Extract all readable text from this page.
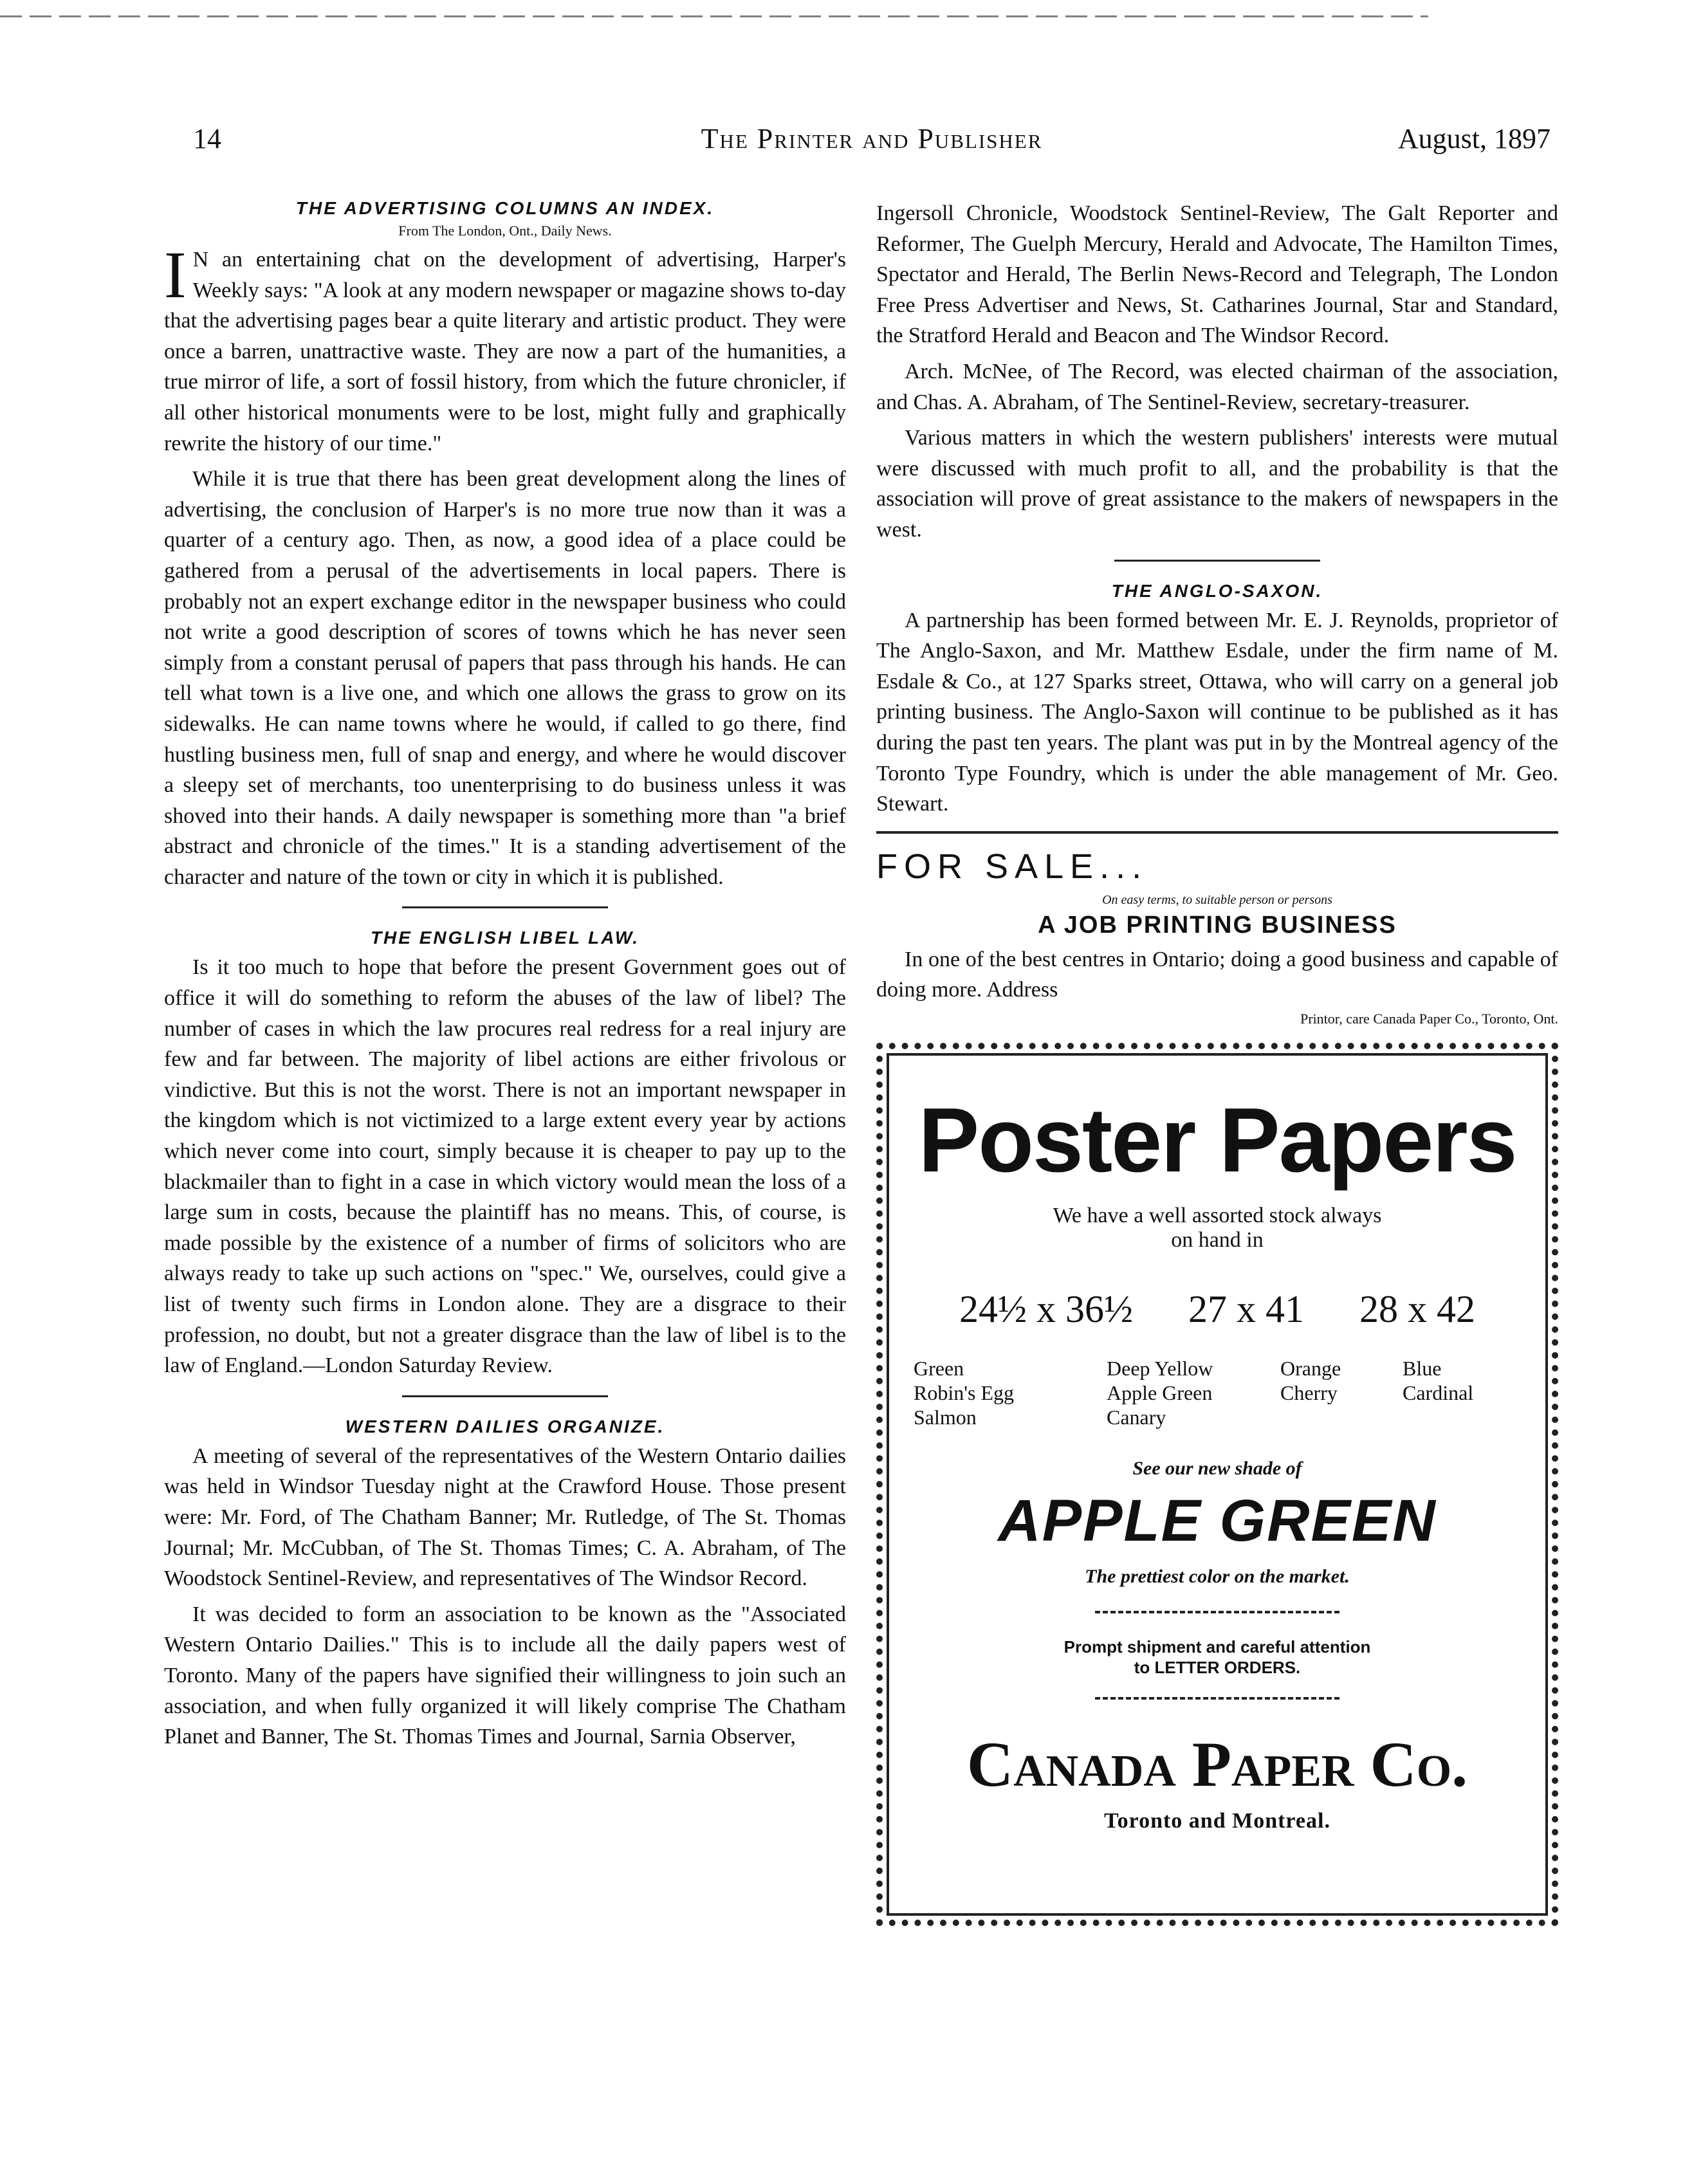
14	The Printer and Publisher	August, 1897
THE ADVERTISING COLUMNS AN INDEX.
From The London, Ont., Daily News.

I N an entertaining chat on the development of advertising, Harper's Weekly says: "A look at any modern newspaper or magazine shows to-day that the advertising pages bear a quite literary and artistic product. They were once a barren, unattractive waste. They are now a part of the humanities, a true mirror of life, a sort of fossil history, from which the future chronicler, if all other historical monuments were to be lost, might fully and graphically rewrite the history of our time."

While it is true that there has been great development along the lines of advertising, the conclusion of Harper's is no more true now than it was a quarter of a century ago. Then, as now, a good idea of a place could be gathered from a perusal of the advertisements in local papers. There is probably not an expert exchange editor in the newspaper business who could not write a good description of scores of towns which he has never seen simply from a constant perusal of papers that pass through his hands. He can tell what town is a live one, and which one allows the grass to grow on its sidewalks. He can name towns where he would, if called to go there, find hustling business men, full of snap and energy, and where he would discover a sleepy set of merchants, too unenterprising to do business unless it was shoved into their hands. A daily newspaper is something more than "a brief abstract and chronicle of the times." It is a standing advertisement of the character and nature of the town or city in which it is published.

THE ENGLISH LIBEL LAW.

Is it too much to hope that before the present Government goes out of office it will do something to reform the abuses of the law of libel? The number of cases in which the law procures real redress for a real injury are few and far between. The majority of libel actions are either frivolous or vindictive. But this is not the worst. There is not an important newspaper in the kingdom which is not victimized to a large extent every year by actions which never come into court, simply because it is cheaper to pay up to the blackmailer than to fight in a case in which victory would mean the loss of a large sum in costs, because the plaintiff has no means. This, of course, is made possible by the existence of a number of firms of solicitors who are always ready to take up such actions on "spec." We, ourselves, could give a list of twenty such firms in London alone. They are a disgrace to their profession, no doubt, but not a greater disgrace than the law of libel is to the law of England.—London Saturday Review.

WESTERN DAILIES ORGANIZE.

A meeting of several of the representatives of the Western Ontario dailies was held in Windsor Tuesday night at the Crawford House. Those present were: Mr. Ford, of The Chatham Banner; Mr. Rutledge, of The St. Thomas Journal; Mr. McCubban, of The St. Thomas Times; C. A. Abraham, of The Woodstock Sentinel-Review, and representatives of The Windsor Record.

It was decided to form an association to be known as the "Associated Western Ontario Dailies." This is to include all the daily papers west of Toronto. Many of the papers have signified their willingness to join such an association, and when fully organized it will likely comprise The Chatham Planet and Banner, The St. Thomas Times and Journal, Sarnia Observer,

Ingersoll Chronicle, Woodstock Sentinel-Review, The Galt Reporter and Reformer, The Guelph Mercury, Herald and Advocate, The Hamilton Times, Spectator and Herald, The Berlin News-Record and Telegraph, The London Free Press Advertiser and News, St. Catharines Journal, Star and Standard, the Stratford Herald and Beacon and The Windsor Record.

Arch. McNee, of The Record, was elected chairman of the association, and Chas. A. Abraham, of The Sentinel-Review, secretary-treasurer.

Various matters in which the western publishers' interests were mutual were discussed with much profit to all, and the probability is that the association will prove of great assistance to the makers of newspapers in the west.

THE ANGLO-SAXON.

A partnership has been formed between Mr. E. J. Reynolds, proprietor of The Anglo-Saxon, and Mr. Matthew Esdale, under the firm name of M. Esdale & Co., at 127 Sparks street, Ottawa, who will carry on a general job printing business. The Anglo-Saxon will continue to be published as it has during the past ten years. The plant was put in by the Montreal agency of the Toronto Type Foundry, which is under the able management of Mr. Geo. Stewart.

FOR SALE...
On easy terms, to suitable person or persons
A JOB PRINTING BUSINESS

In one of the best centres in Ontario; doing a good business and capable of doing more. Address

Printor, care Canada Paper Co., Toronto, Ont.
Poster Papers
We have a well assorted stock always
on hand in
24½ x 36½ 27 x 41 28 x 42
Green	Deep Yellow	Orange	Blue
Robin's Egg	Apple Green	Cherry	Cardinal
Salmon	Canary
See our new shade of
APPLE GREEN
The prettiest color on the market.
Prompt shipment and careful attention
to LETTER ORDERS.
Canada Paper Co.
Toronto and Montreal.
